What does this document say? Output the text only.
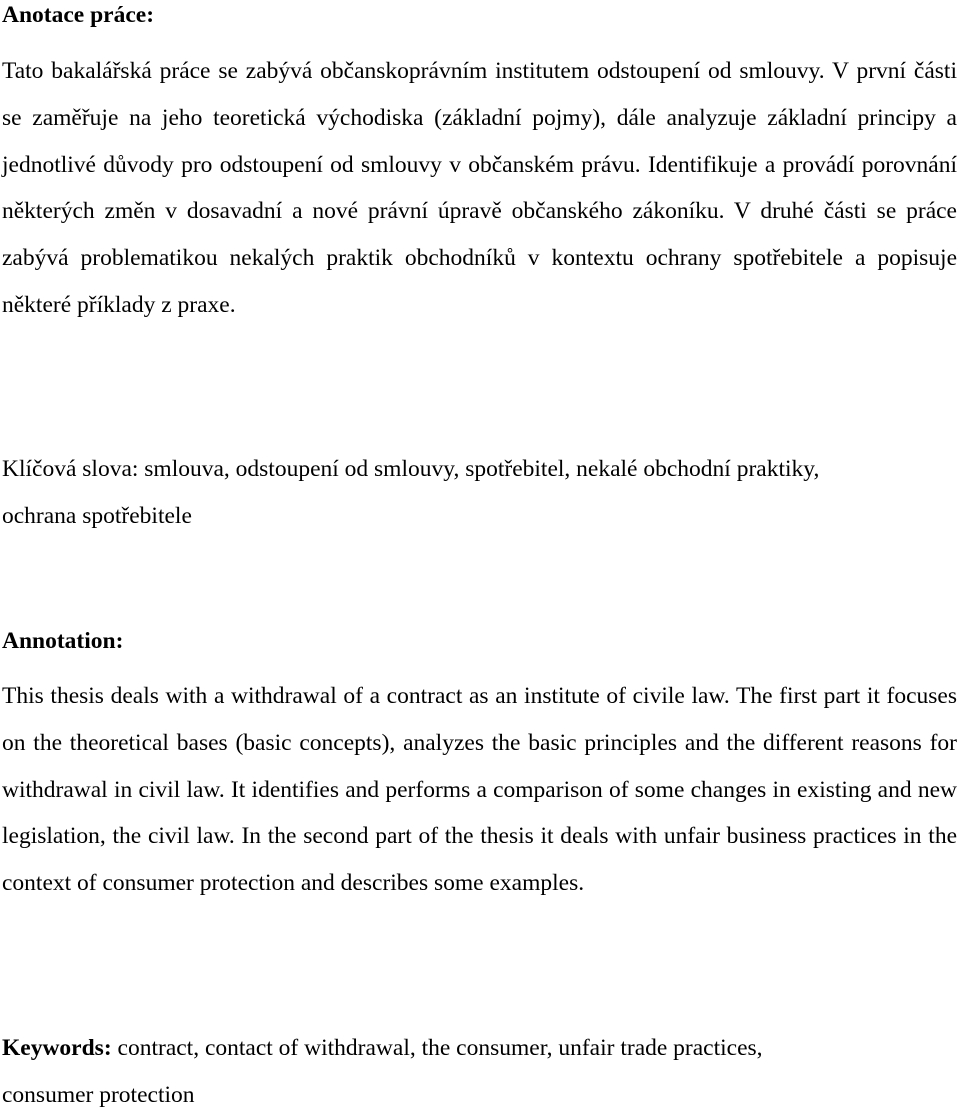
Anotace práce:
Tato bakalářská práce se zabývá občanskoprávním institutem odstoupení od smlouvy. V první části se zaměřuje na jeho teoretická východiska (základní pojmy), dále analyzuje základní principy a jednotlivé důvody pro odstoupení od smlouvy v občanském právu. Identifikuje a provádí porovnání některých změn v dosavadní a nové právní úpravě občanského zákoníku. V druhé části se práce zabývá problematikou nekalých praktik obchodníků v kontextu ochrany spotřebitele a popisuje některé příklady z praxe.
Klíčová slova: smlouva, odstoupení od smlouvy, spotřebitel, nekalé obchodní praktiky,
ochrana spotřebitele
Annotation:
This thesis deals with a withdrawal of a contract as an institute of civile law. The first part it focuses on the theoretical bases (basic concepts), analyzes the basic principles and the different reasons for withdrawal in civil law. It identifies and performs a comparison of some changes in existing and new legislation, the civil law. In the second part of the thesis it deals with unfair business practices in the context of consumer protection and describes some examples.
Keywords: contract, contact of withdrawal, the consumer, unfair trade practices,
consumer protection
